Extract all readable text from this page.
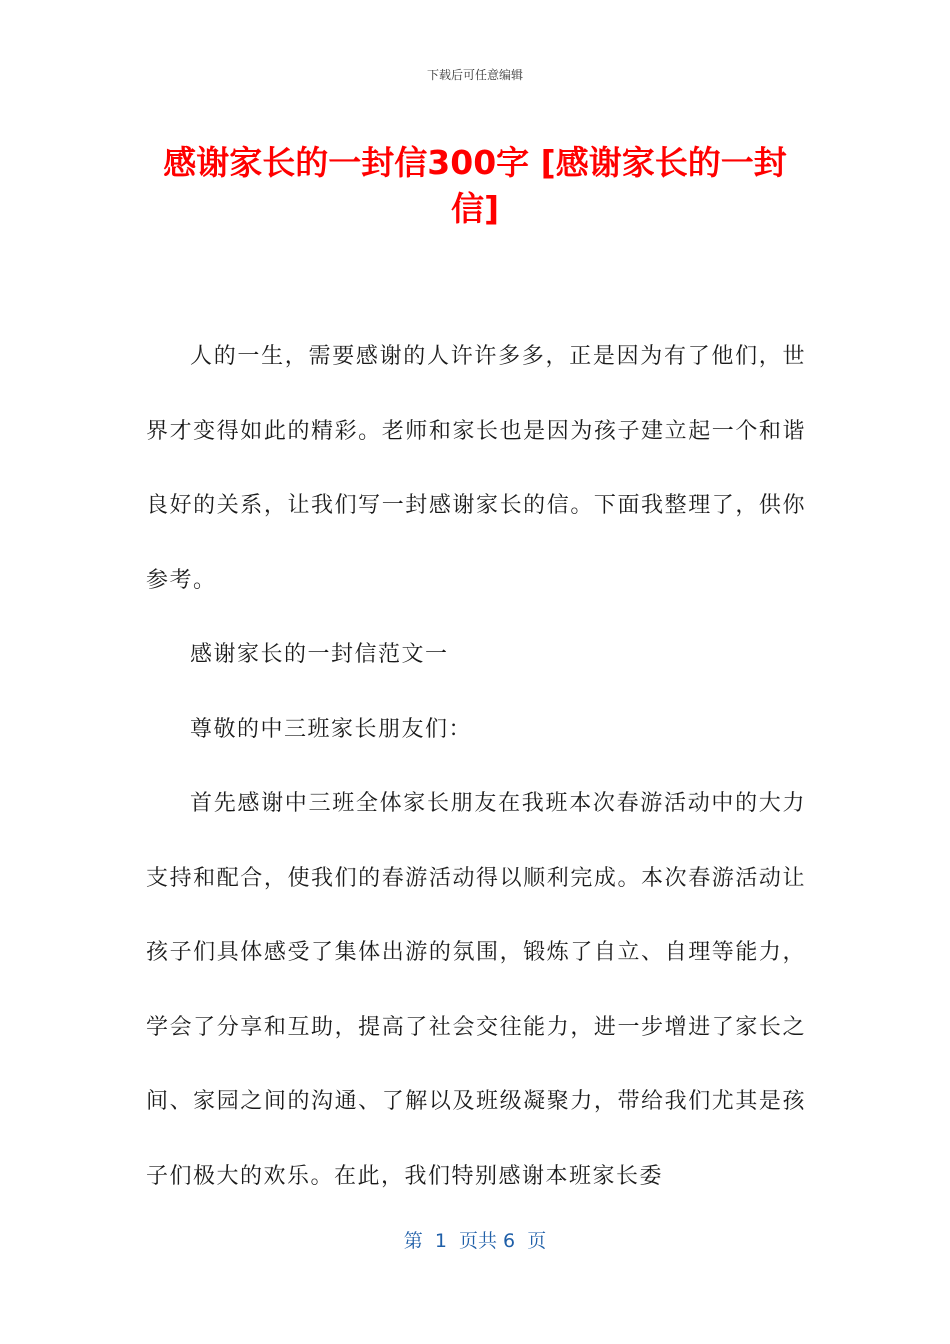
下载后可任意编辑
感谢家长的一封信300字 [感谢家长的一封信]

人的一生，需要感谢的人许许多多，正是因为有了他们，世界才变得如此的精彩。老师和家长也是因为孩子建立起一个和谐良好的关系，让我们写一封感谢家长的信。下面我整理了，供你参考。

感谢家长的一封信范文一

尊敬的中三班家长朋友们：

首先感谢中三班全体家长朋友在我班本次春游活动中的大力支持和配合，使我们的春游活动得以顺利完成。本次春游活动让孩子们具体感受了集体出游的氛围，锻炼了自立、自理等能力，学会了分享和互助，提高了社会交往能力，进一步增进了家长之间、家园之间的沟通、了解以及班级凝聚力，带给我们尤其是孩子们极大的欢乐。在此，我们特别感谢本班家长委

第  1  页共 6  页
